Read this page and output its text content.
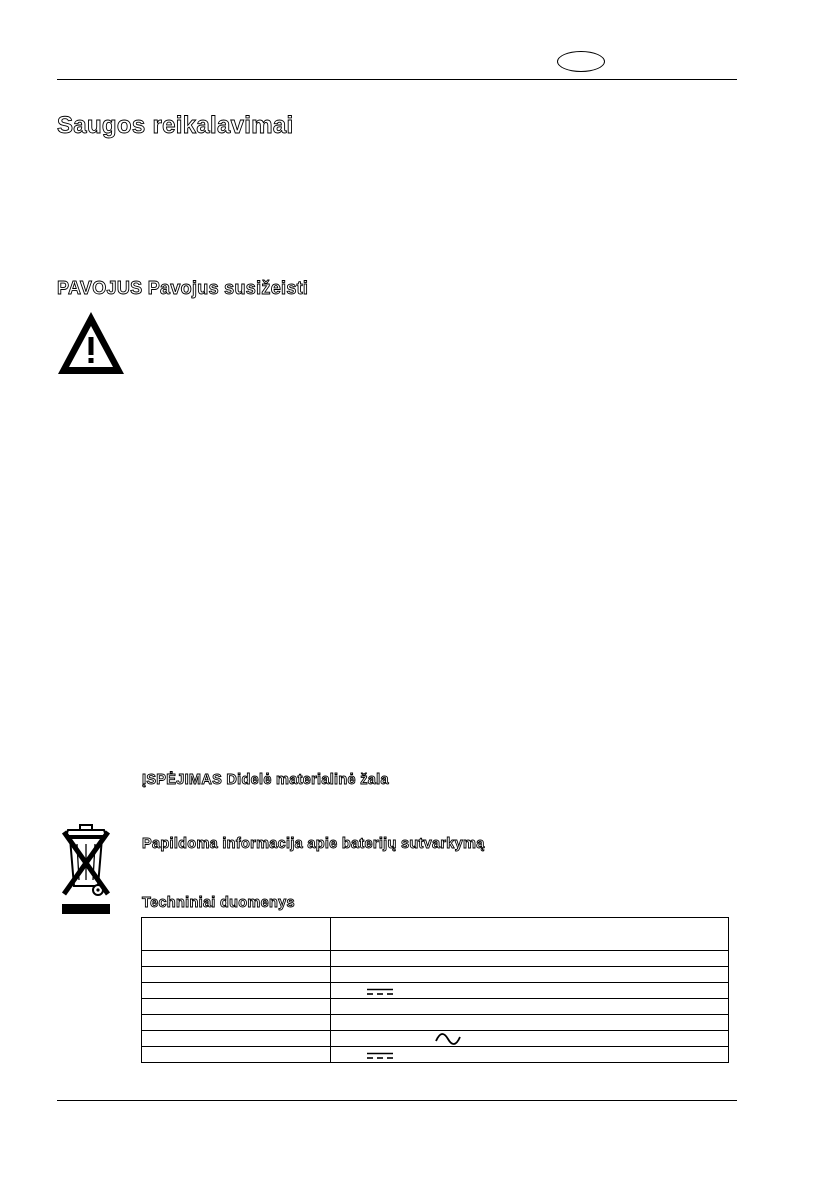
Saugos reikalavimai
PAVOJUS Pavojus susižeisti
ĮSPĖJIMAS Didelė materialinė žala
Papildoma informacija apie baterijų sutvarkymą
Techniniai duomenys
